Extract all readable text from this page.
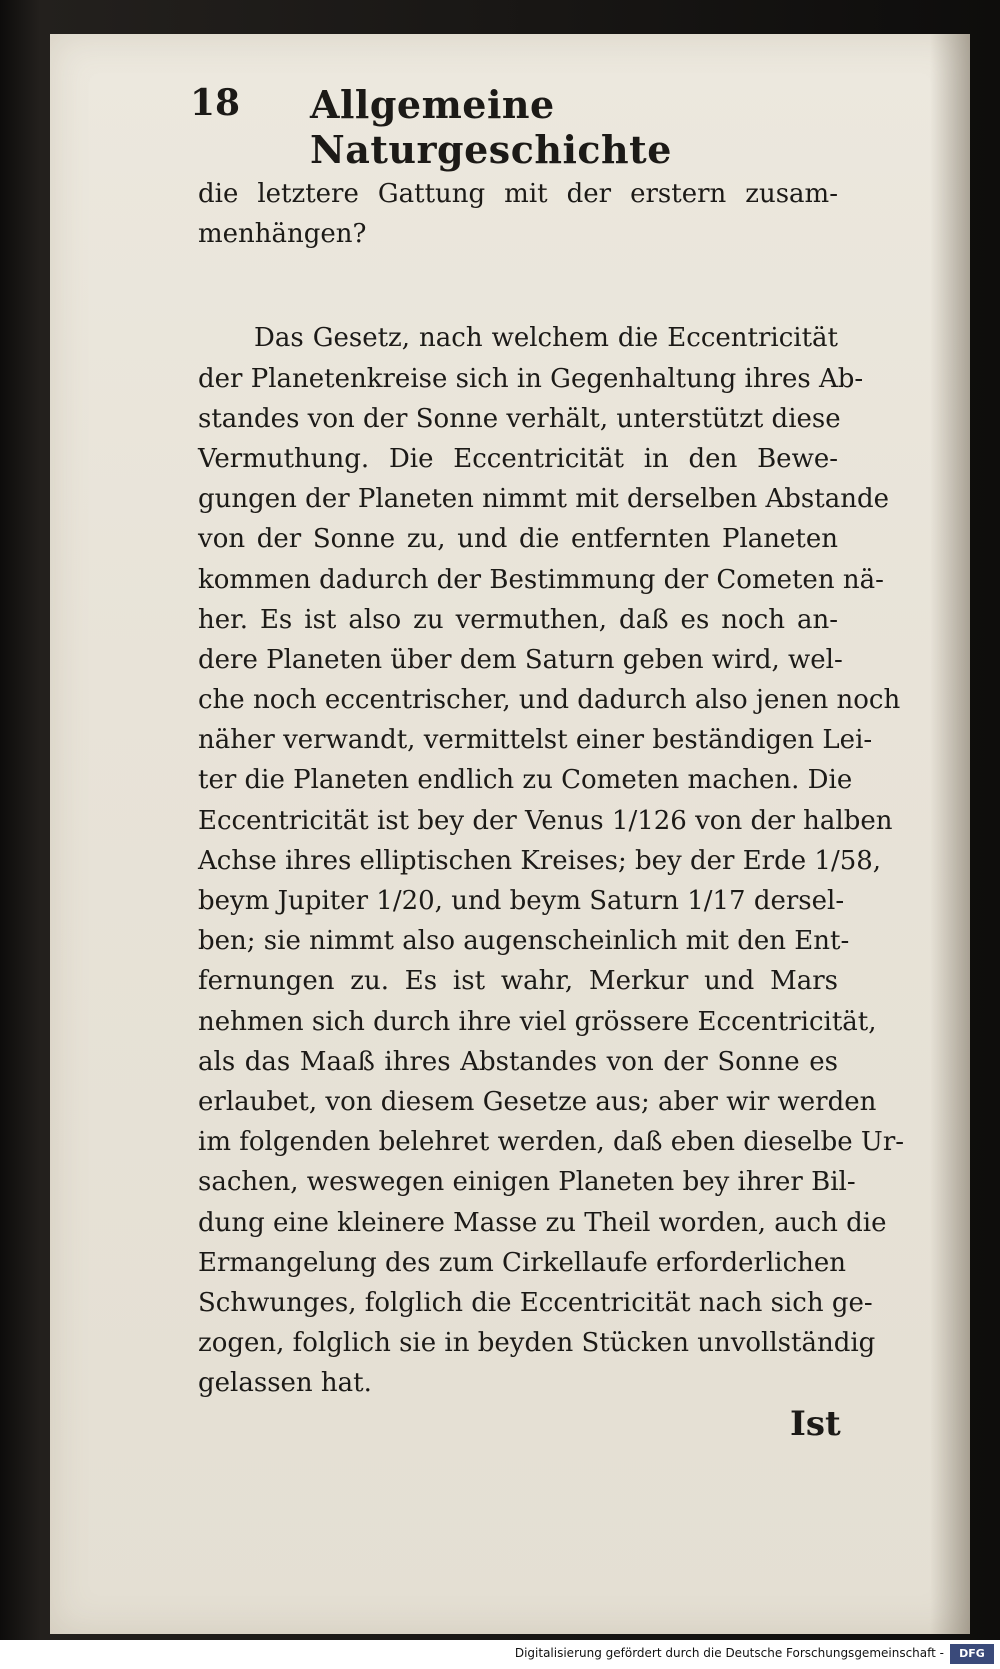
18 Allgemeine Naturgeschichte
die letztere Gattung mit der erstern zusam-
menhängen?
Das Gesetz, nach welchem die Eccentricität
der Planetenkreise sich in Gegenhaltung ihres Ab-
standes von der Sonne verhält, unterstützt diese
Vermuthung. Die Eccentricität in den Bewe-
gungen der Planeten nimmt mit derselben Abstande
von der Sonne zu, und die entfernten Planeten
kommen dadurch der Bestimmung der Cometen nä-
her. Es ist also zu vermuthen, daß es noch an-
dere Planeten über dem Saturn geben wird, wel-
che noch eccentrischer, und dadurch also jenen noch
näher verwandt, vermittelst einer beständigen Lei-
ter die Planeten endlich zu Cometen machen. Die
Eccentricität ist bey der Venus 1/126 von der halben
Achse ihres elliptischen Kreises; bey der Erde 1/58,
beym Jupiter 1/20, und beym Saturn 1/17 dersel-
ben; sie nimmt also augenscheinlich mit den Ent-
fernungen zu. Es ist wahr, Merkur und Mars
nehmen sich durch ihre viel grössere Eccentricität,
als das Maaß ihres Abstandes von der Sonne es
erlaubet, von diesem Gesetze aus; aber wir werden
im folgenden belehret werden, daß eben dieselbe Ur-
sachen, weswegen einigen Planeten bey ihrer Bil-
dung eine kleinere Masse zu Theil worden, auch die
Ermangelung des zum Cirkellaufe erforderlichen
Schwunges, folglich die Eccentricität nach sich ge-
zogen, folglich sie in beyden Stücken unvollständig
gelassen hat.
Ist
Digitalisierung gefördert durch die Deutsche Forschungsgemeinschaft -	DFG
